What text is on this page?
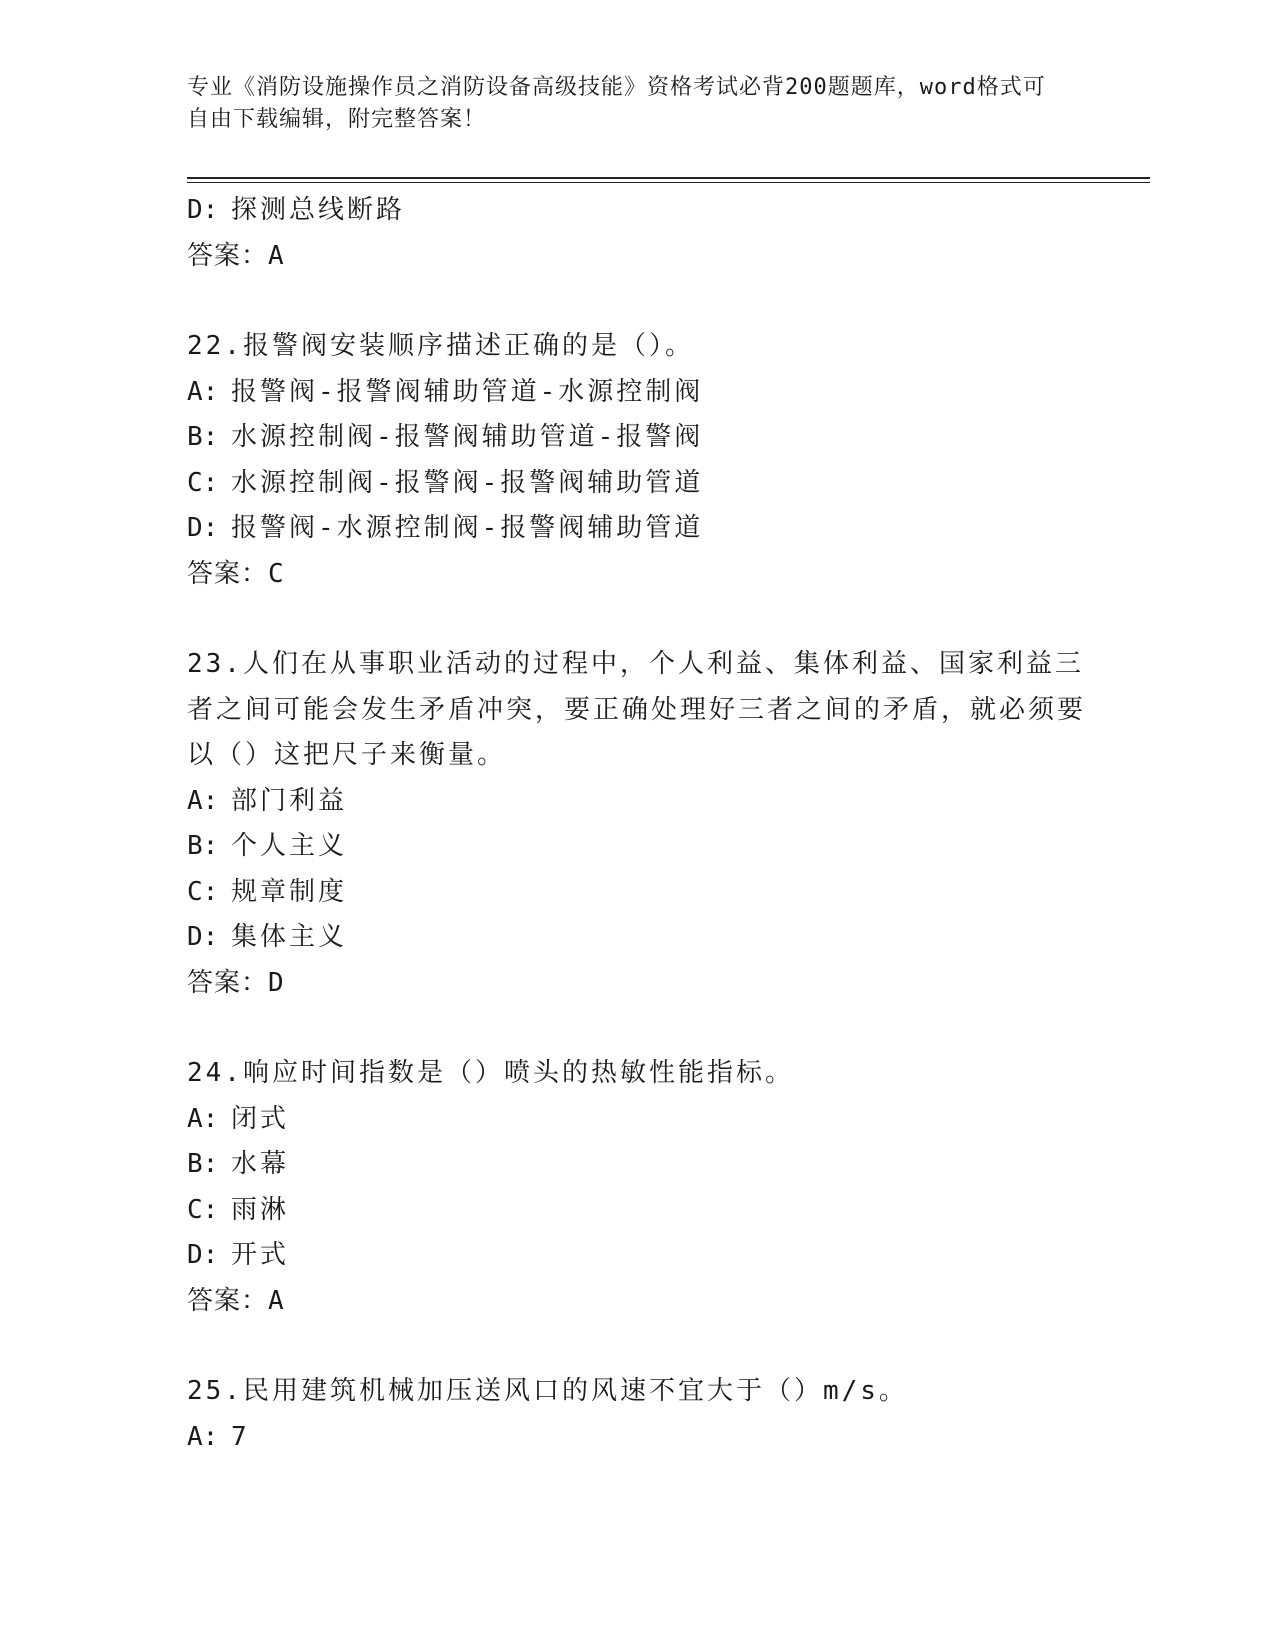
专业《消防设施操作员之消防设备高级技能》资格考试必背200题题库，word格式可自由下载编辑，附完整答案！
D: 探测总线断路
答案：A
22.报警阀安装顺序描述正确的是（）。
A: 报警阀-报警阀辅助管道-水源控制阀
B: 水源控制阀-报警阀辅助管道-报警阀
C: 水源控制阀-报警阀-报警阀辅助管道
D: 报警阀-水源控制阀-报警阀辅助管道
答案：C
23.人们在从事职业活动的过程中，个人利益、集体利益、国家利益三者之间可能会发生矛盾冲突，要正确处理好三者之间的矛盾，就必须要以（）这把尺子来衡量。
A: 部门利益
B: 个人主义
C: 规章制度
D: 集体主义
答案：D
24.响应时间指数是（）喷头的热敏性能指标。
A: 闭式
B: 水幕
C: 雨淋
D: 开式
答案：A
25.民用建筑机械加压送风口的风速不宜大于（）m/s。
A: 7
